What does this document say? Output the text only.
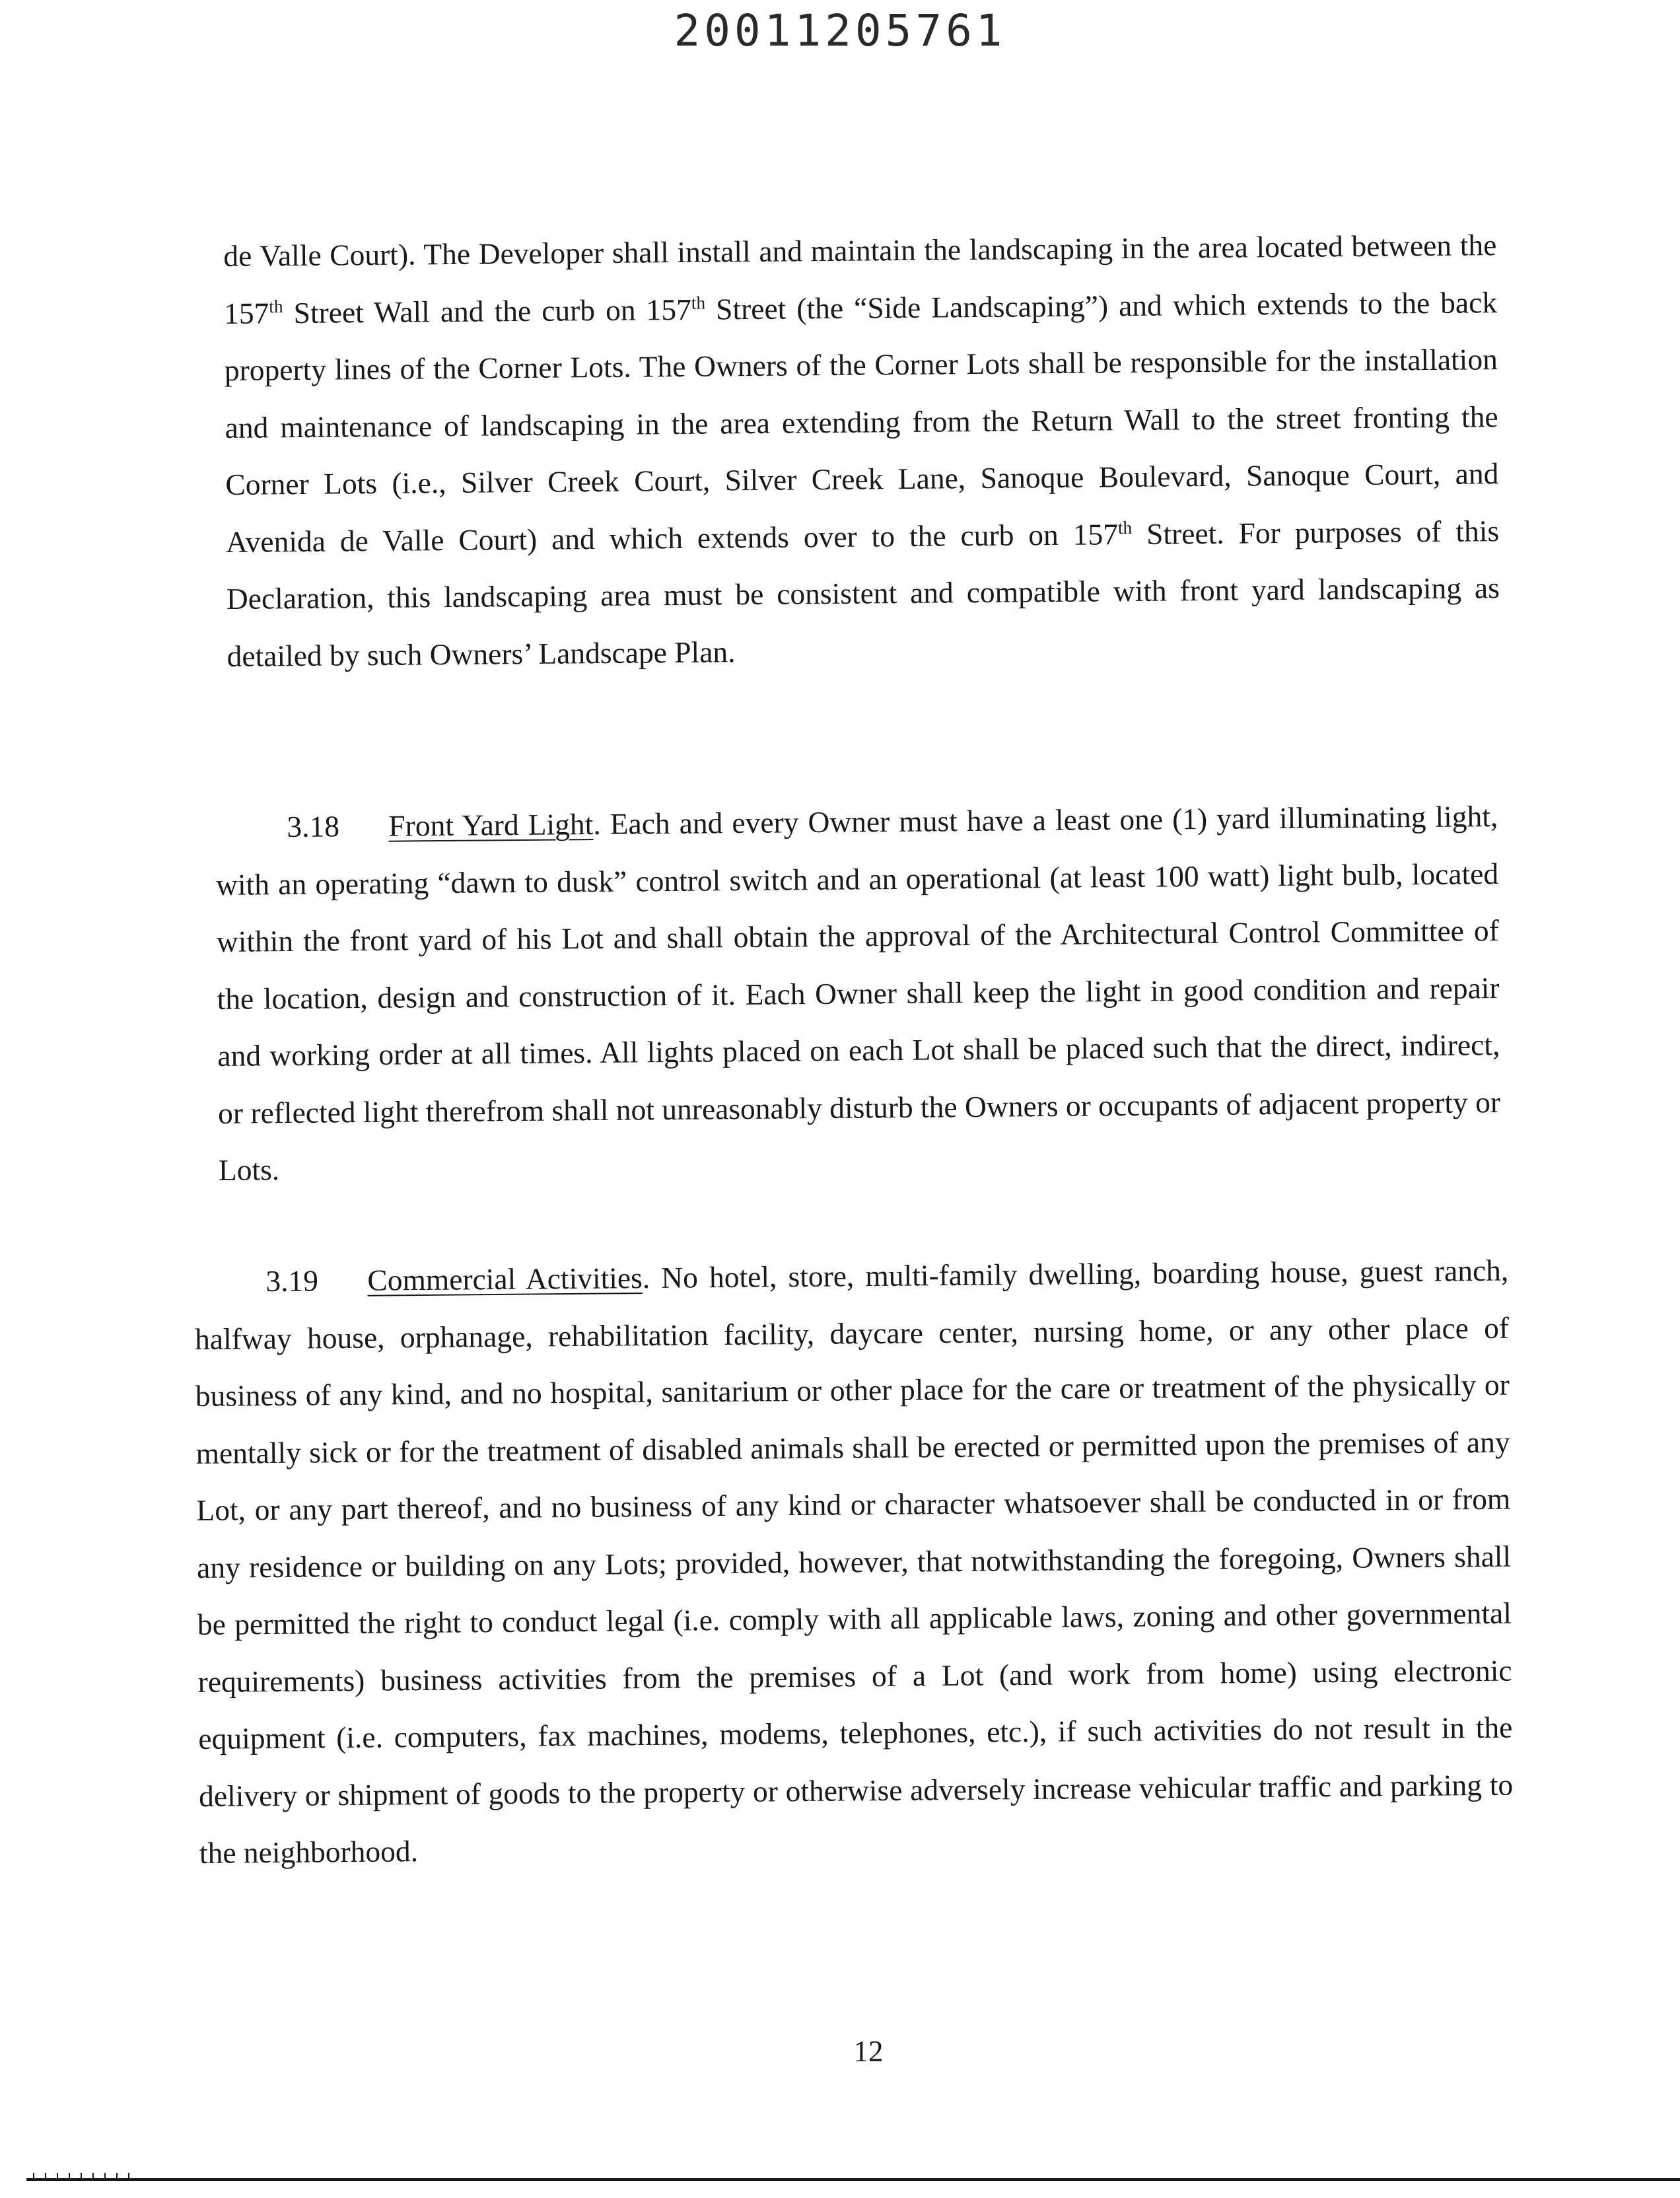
20011205761

de Valle Court). The Developer shall install and maintain the landscaping in the area located between the 157th Street Wall and the curb on 157th Street (the “Side Landscaping”) and which extends to the back property lines of the Corner Lots. The Owners of the Corner Lots shall be responsible for the installation and maintenance of landscaping in the area extending from the Return Wall to the street fronting the Corner Lots (i.e., Silver Creek Court, Silver Creek Lane, Sanoque Boulevard, Sanoque Court, and Avenida de Valle Court) and which extends over to the curb on 157th Street. For purposes of this Declaration, this landscaping area must be consistent and compatible with front yard landscaping as detailed by such Owners’ Landscape Plan.

3.18 Front Yard Light. Each and every Owner must have a least one (1) yard illuminating light, with an operating “dawn to dusk” control switch and an operational (at least 100 watt) light bulb, located within the front yard of his Lot and shall obtain the approval of the Architectural Control Committee of the location, design and construction of it. Each Owner shall keep the light in good condition and repair and working order at all times. All lights placed on each Lot shall be placed such that the direct, indirect, or reflected light therefrom shall not unreasonably disturb the Owners or occupants of adjacent property or Lots.

3.19 Commercial Activities. No hotel, store, multi-family dwelling, boarding house, guest ranch, halfway house, orphanage, rehabilitation facility, daycare center, nursing home, or any other place of business of any kind, and no hospital, sanitarium or other place for the care or treatment of the physically or mentally sick or for the treatment of disabled animals shall be erected or permitted upon the premises of any Lot, or any part thereof, and no business of any kind or character whatsoever shall be conducted in or from any residence or building on any Lots; provided, however, that notwithstanding the foregoing, Owners shall be permitted the right to conduct legal (i.e. comply with all applicable laws, zoning and other governmental requirements) business activities from the premises of a Lot (and work from home) using electronic equipment (i.e. computers, fax machines, modems, telephones, etc.), if such activities do not result in the delivery or shipment of goods to the property or otherwise adversely increase vehicular traffic and parking to the neighborhood.

12
